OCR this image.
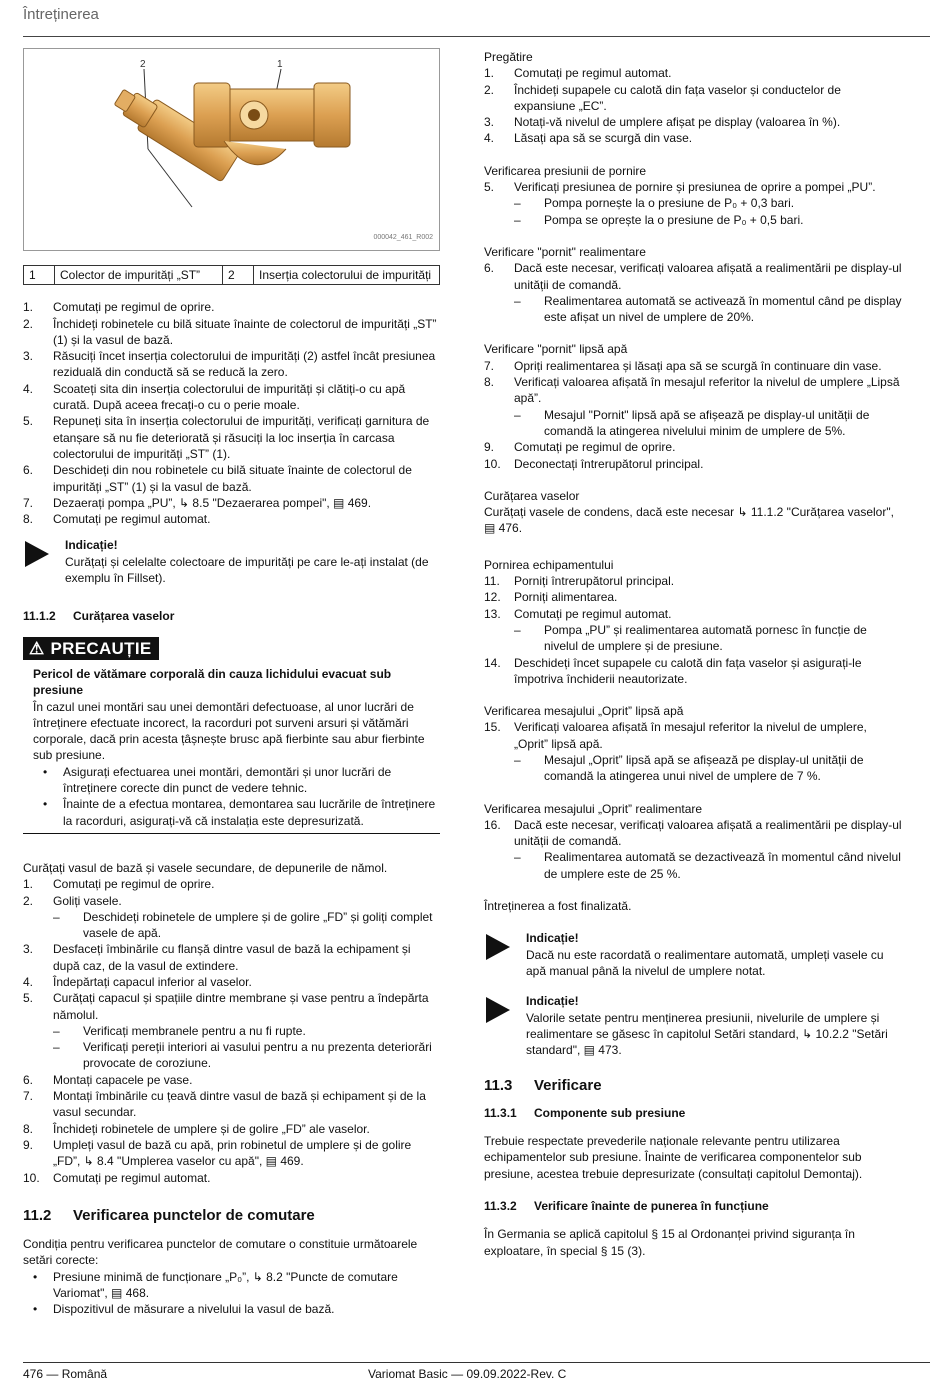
Întreținerea
2	1
000042_461_R002
1	Colector de impurități „ST”	2	Inserția colectorului de impurități
1. Comutați pe regimul de oprire.
2. Închideți robinetele cu bilă situate înainte de colectorul de impurități „ST” (1) și la vasul de bază.
3. Răsuciți încet inserția colectorului de impurități (2) astfel încât presiunea reziduală din conductă să se reducă la zero.
4. Scoateți sita din inserția colectorului de impurități și clătiți-o cu apă curată. După aceea frecați-o cu o perie moale.
5. Repuneți sita în inserția colectorului de impurități, verificați garnitura de etanșare să nu fie deteriorată și răsuciți la loc inserția în carcasa colectorului de impurități „ST” (1).
6. Deschideți din nou robinetele cu bilă situate înainte de colectorul de impurități „ST” (1) și la vasul de bază.
7. Dezaerați pompa „PU”, ↳ 8.5 "Dezaerarea pompei", ▤ 469.
8. Comutați pe regimul automat.
Indicație!
Curățați și celelalte colectoare de impurități pe care le-ați instalat (de exemplu în Fillset).
11.1.2 Curățarea vaselor
⚠ PRECAUȚIE
Pericol de vătămare corporală din cauza lichidului evacuat sub presiune
În cazul unei montări sau unei demontări defectuoase, al unor lucrări de întreținere efectuate incorect, la racorduri pot surveni arsuri și vătămări corporale, dacă prin acesta țâșnește brusc apă fierbinte sau abur fierbinte sub presiune.
• Asigurați efectuarea unei montări, demontări și unor lucrări de întreținere corecte din punct de vedere tehnic.
• Înainte de a efectua montarea, demontarea sau lucrările de întreținere la racorduri, asigurați-vă că instalația este depresurizată.
Curățați vasul de bază și vasele secundare, de depunerile de nămol.
1. Comutați pe regimul de oprire.
2. Goliți vasele.
– Deschideți robinetele de umplere și de golire „FD” și goliți complet vasele de apă.
3. Desfaceți îmbinările cu flanșă dintre vasul de bază la echipament și după caz, de la vasul de extindere.
4. Îndepărtați capacul inferior al vaselor.
5. Curățați capacul și spațiile dintre membrane și vase pentru a îndepărta nămolul.
– Verificați membranele pentru a nu fi rupte.
– Verificați pereții interiori ai vasului pentru a nu prezenta deteriorări provocate de coroziune.
6. Montați capacele pe vase.
7. Montați îmbinările cu țeavă dintre vasul de bază și echipament și de la vasul secundar.
8. Închideți robinetele de umplere și de golire „FD” ale vaselor.
9. Umpleți vasul de bază cu apă, prin robinetul de umplere și de golire „FD”, ↳ 8.4 "Umplerea vaselor cu apă", ▤ 469.
10. Comutați pe regimul automat.
11.2 Verificarea punctelor de comutare
Condiția pentru verificarea punctelor de comutare o constituie următoarele setări corecte:
• Presiune minimă de funcționare „P₀”, ↳ 8.2 "Puncte de comutare Variomat", ▤ 468.
• Dispozitivul de măsurare a nivelului la vasul de bază.
Pregătire
1. Comutați pe regimul automat.
2. Închideți supapele cu calotă din fața vaselor și conductelor de expansiune „EC”.
3. Notați-vă nivelul de umplere afișat pe display (valoarea în %).
4. Lăsați apa să se scurgă din vase.
Verificarea presiunii de pornire
5. Verificați presiunea de pornire și presiunea de oprire a pompei „PU”.
– Pompa pornește la o presiune de P₀ + 0,3 bari.
– Pompa se oprește la o presiune de P₀ + 0,5 bari.
Verificare "pornit" realimentare
6. Dacă este necesar, verificați valoarea afișată a realimentării pe display-ul unității de comandă.
– Realimentarea automată se activează în momentul când pe display este afișat un nivel de umplere de 20%.
Verificare "pornit" lipsă apă
7. Opriți realimentarea și lăsați apa să se scurgă în continuare din vase.
8. Verificați valoarea afișată în mesajul referitor la nivelul de umplere „Lipsă apă”.
– Mesajul "Pornit" lipsă apă se afișează pe display-ul unității de comandă la atingerea nivelului minim de umplere de 5%.
9. Comutați pe regimul de oprire.
10. Deconectați întrerupătorul principal.
Curățarea vaselor
Curățați vasele de condens, dacă este necesar ↳ 11.1.2 "Curățarea vaselor", ▤ 476.
Pornirea echipamentului
11. Porniți întrerupătorul principal.
12. Porniți alimentarea.
13. Comutați pe regimul automat.
– Pompa „PU” și realimentarea automată pornesc în funcție de nivelul de umplere și de presiune.
14. Deschideți încet supapele cu calotă din fața vaselor și asigurați-le împotriva închiderii neautorizate.
Verificarea mesajului „Oprit” lipsă apă
15. Verificați valoarea afișată în mesajul referitor la nivelul de umplere, „Oprit” lipsă apă.
– Mesajul „Oprit” lipsă apă se afișează pe display-ul unității de comandă la atingerea unui nivel de umplere de 7 %.
Verificarea mesajului „Oprit” realimentare
16. Dacă este necesar, verificați valoarea afișată a realimentării pe display-ul unității de comandă.
– Realimentarea automată se dezactivează în momentul când nivelul de umplere este de 25 %.
Întreținerea a fost finalizată.
Indicație!
Dacă nu este racordată o realimentare automată, umpleți vasele cu apă manual până la nivelul de umplere notat.
Indicație!
Valorile setate pentru menținerea presiunii, nivelurile de umplere și realimentare se găsesc în capitolul Setări standard, ↳ 10.2.2 "Setări standard", ▤ 473.
11.3 Verificare
11.3.1 Componente sub presiune
Trebuie respectate prevederile naționale relevante pentru utilizarea echipamentelor sub presiune. Înainte de verificarea componentelor sub presiune, acestea trebuie depresurizate (consultați capitolul Demontaj).
11.3.2 Verificare înainte de punerea în funcțiune
În Germania se aplică capitolul § 15 al Ordonanței privind siguranța în exploatare, în special § 15 (3).
476 — Română	Variomat Basic — 09.09.2022-Rev. C
